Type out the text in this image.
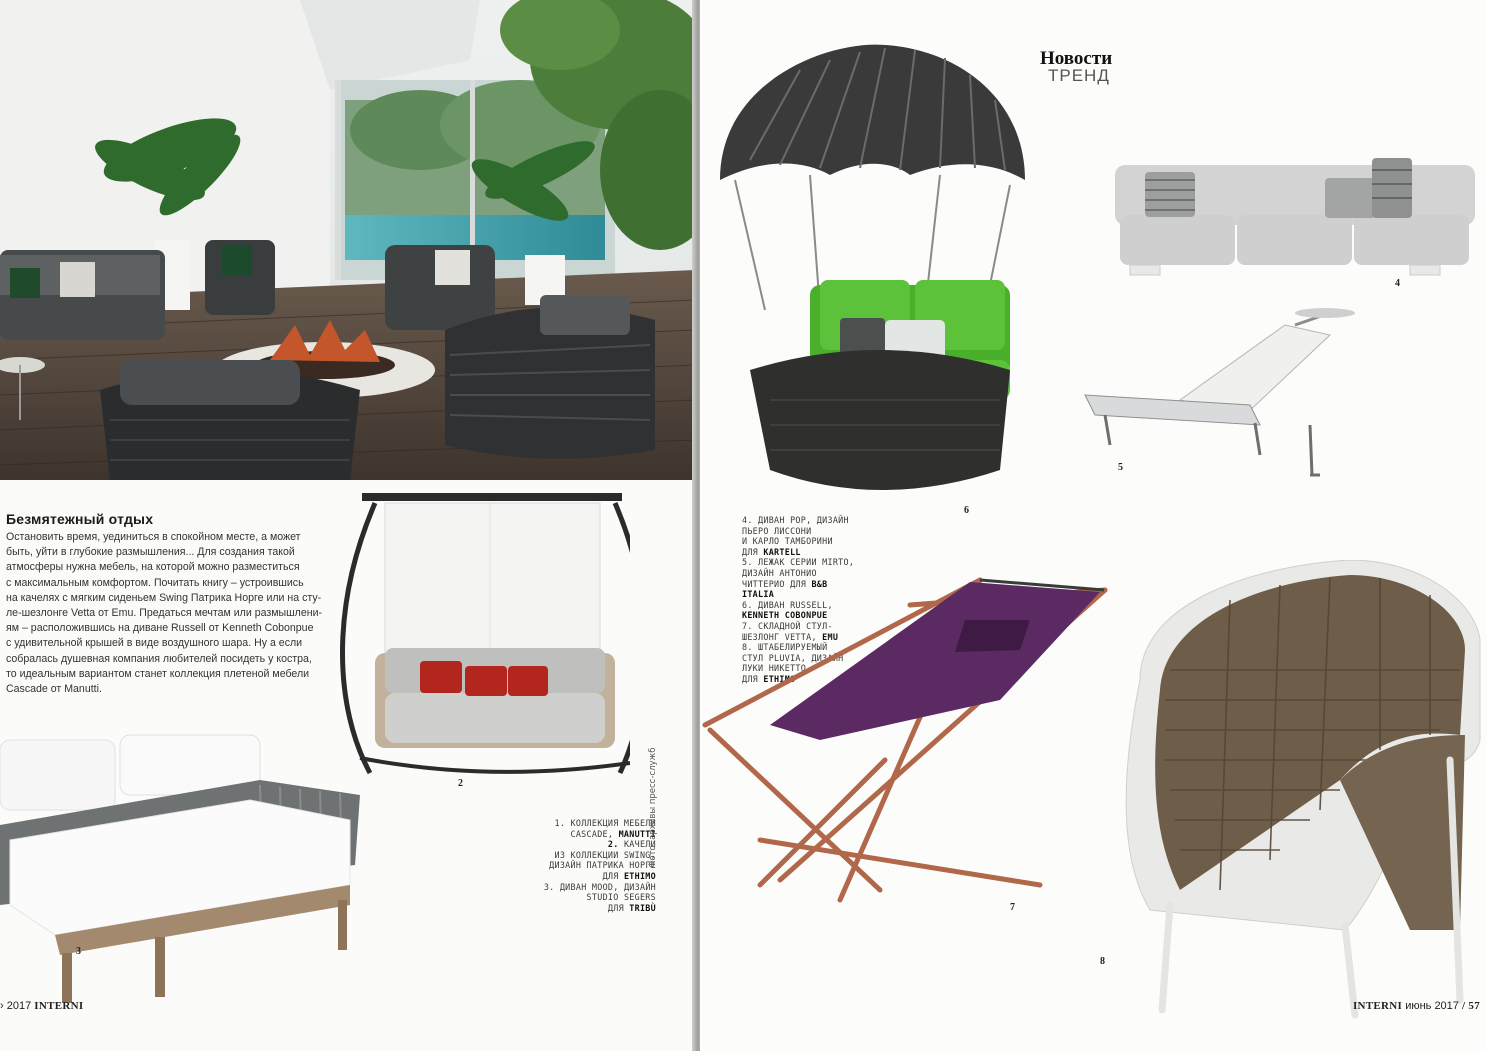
Безмятежный отдых
Остановить время, уединиться в спокойном месте, а может
быть, уйти в глубокие размышления... Для создания такой
атмосферы нужна мебель, на которой можно разместиться
с максимальным комфортом. Почитать книгу – устроившись
на качелях с мягким сиденьем Swing Патрика Норге или на сту-
ле-шезлонге Vetta от Emu. Предаться мечтам или размышлени-
ям – расположившись на диване Russell от Kenneth Cobonpue
с удивительной крышей в виде воздушного шара. Ну а если
собралась душевная компания любителей посидеть у костра,
то идеальным вариантом станет коллекция плетеной мебели
Cascade от Manutti.
2
3
1. КОЛЛЕКЦИЯ МЕБЕЛИ
CASCADE, MANUTTI
2. КАЧЕЛИ
ИЗ КОЛЛЕКЦИИ SWING,
ДИЗАЙН ПАТРИКА НОРГЕ
ДЛЯ ETHIMO
3. ДИВАН MOOD, ДИЗАЙН
STUDIO SEGERS
ДЛЯ TRIBÙ
Фото: архивы пресс-служб
› 2017 INTERNI
Новости
ТРЕНД
6
4
5
4. ДИВАН POP, ДИЗАЙН
ПЬЕРО ЛИССОНИ
И КАРЛО ТАМБОРИНИ
ДЛЯ KARTELL
5. ЛЕЖАК СЕРИИ MIRTO,
ДИЗАЙН АНТОНИО
ЧИТТЕРИО ДЛЯ B&B
ITALIA
6. ДИВАН RUSSELL,
KENNETH COBONPUE
7. СКЛАДНОЙ СТУЛ-
ШЕЗЛОНГ VETTA, EMU
8. ШТАБЕЛИРУЕМЫЙ
СТУЛ PLUVIA, ДИЗАЙН
ЛУКИ НИКЕТТО
ДЛЯ ETHIMO
7
8
INTERNI июнь 2017 / 57
